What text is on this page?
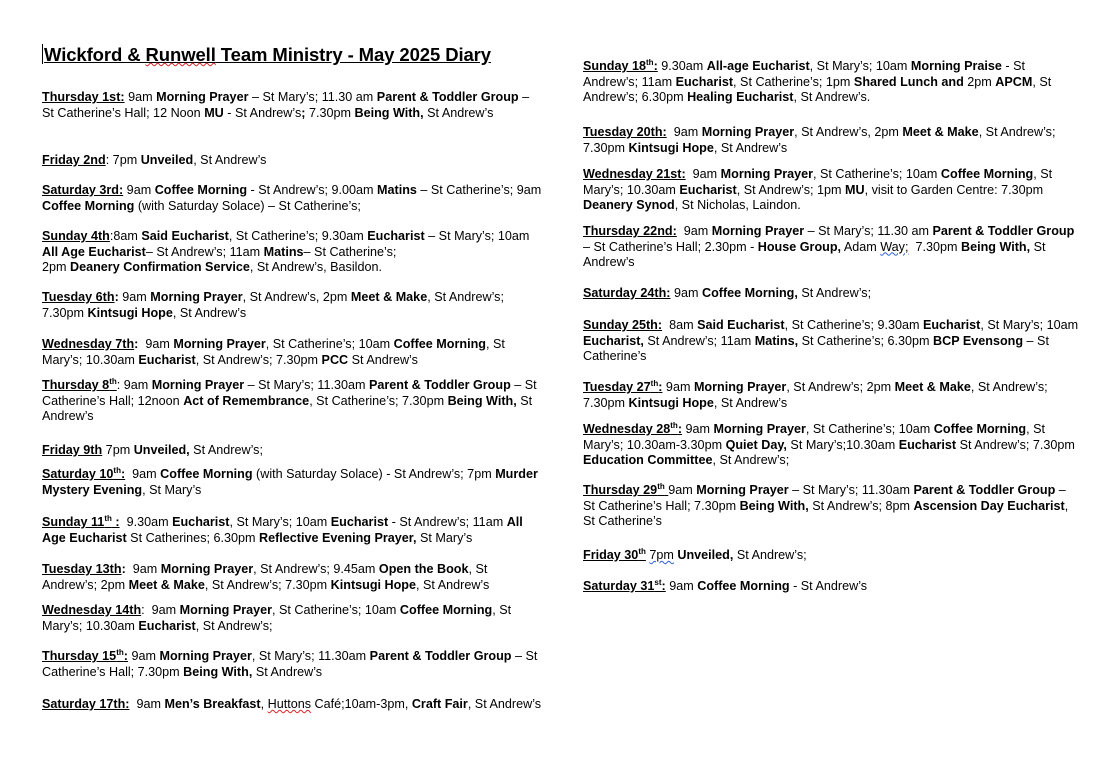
Wickford & Runwell Team Ministry - May 2025 Diary
Thursday 1st: 9am Morning Prayer – St Mary’s; 11.30 am Parent & Toddler Group – St Catherine’s Hall; 12 Noon MU - St Andrew’s; 7.30pm Being With, St Andrew’s
Friday 2nd: 7pm Unveiled, St Andrew’s
Saturday 3rd: 9am Coffee Morning - St Andrew’s; 9.00am Matins – St Catherine’s; 9am Coffee Morning (with Saturday Solace) – St Catherine’s;
Sunday 4th:8am Said Eucharist, St Catherine’s; 9.30am Eucharist – St Mary’s; 10am All Age Eucharist– St Andrew’s; 11am Matins– St Catherine’s;
2pm Deanery Confirmation Service, St Andrew’s, Basildon.
Tuesday 6th: 9am Morning Prayer, St Andrew’s, 2pm Meet & Make, St Andrew’s; 7.30pm Kintsugi Hope, St Andrew’s
Wednesday 7th:  9am Morning Prayer, St Catherine’s; 10am Coffee Morning, St Mary’s; 10.30am Eucharist, St Andrew’s; 7.30pm PCC St Andrew’s
Thursday 8th: 9am Morning Prayer – St Mary’s; 11.30am Parent & Toddler Group – St Catherine’s Hall; 12noon Act of Remembrance, St Catherine’s; 7.30pm Being With, St Andrew’s
Friday 9th 7pm Unveiled, St Andrew’s;
Saturday 10th:  9am Coffee Morning (with Saturday Solace) - St Andrew’s; 7pm Murder Mystery Evening, St Mary’s
Sunday 11th :  9.30am Eucharist, St Mary’s; 10am Eucharist - St Andrew’s; 11am All Age Eucharist St Catherines; 6.30pm Reflective Evening Prayer, St Mary’s
Tuesday 13th:  9am Morning Prayer, St Andrew’s; 9.45am Open the Book, St Andrew’s; 2pm Meet & Make, St Andrew’s; 7.30pm Kintsugi Hope, St Andrew’s
Wednesday 14th:  9am Morning Prayer, St Catherine’s; 10am Coffee Morning, St Mary’s; 10.30am Eucharist, St Andrew’s;
Thursday 15th: 9am Morning Prayer, St Mary’s; 11.30am Parent & Toddler Group – St Catherine’s Hall; 7.30pm Being With, St Andrew’s
Saturday 17th:  9am Men’s Breakfast, Huttons Café;10am-3pm, Craft Fair, St Andrew’s
Sunday 18th: 9.30am All-age Eucharist, St Mary’s; 10am Morning Praise - St Andrew’s; 11am Eucharist, St Catherine’s; 1pm Shared Lunch and 2pm APCM, St Andrew’s; 6.30pm Healing Eucharist, St Andrew’s.
Tuesday 20th:  9am Morning Prayer, St Andrew’s, 2pm Meet & Make, St Andrew’s; 7.30pm Kintsugi Hope, St Andrew’s
Wednesday 21st:  9am Morning Prayer, St Catherine’s; 10am Coffee Morning, St Mary’s; 10.30am Eucharist, St Andrew’s; 1pm MU, visit to Garden Centre: 7.30pm Deanery Synod, St Nicholas, Laindon.
Thursday 22nd:  9am Morning Prayer – St Mary’s; 11.30 am Parent & Toddler Group – St Catherine’s Hall; 2.30pm - House Group, Adam Way;  7.30pm Being With, St Andrew’s
Saturday 24th: 9am Coffee Morning, St Andrew’s;
Sunday 25th:  8am Said Eucharist, St Catherine’s; 9.30am Eucharist, St Mary’s; 10am Eucharist, St Andrew’s; 11am Matins, St Catherine’s; 6.30pm BCP Evensong – St Catherine’s
Tuesday 27th: 9am Morning Prayer, St Andrew’s; 2pm Meet & Make, St Andrew’s; 7.30pm Kintsugi Hope, St Andrew’s
Wednesday 28th: 9am Morning Prayer, St Catherine’s; 10am Coffee Morning, St Mary’s; 10.30am-3.30pm Quiet Day, St Mary’s;10.30am Eucharist St Andrew’s; 7.30pm Education Committee, St Andrew’s;
Thursday 29th 9am Morning Prayer – St Mary’s; 11.30am Parent & Toddler Group – St Catherine’s Hall; 7.30pm Being With, St Andrew’s; 8pm Ascension Day Eucharist, St Catherine’s
Friday 30th 7pm Unveiled, St Andrew’s;
Saturday 31st: 9am Coffee Morning - St Andrew’s
